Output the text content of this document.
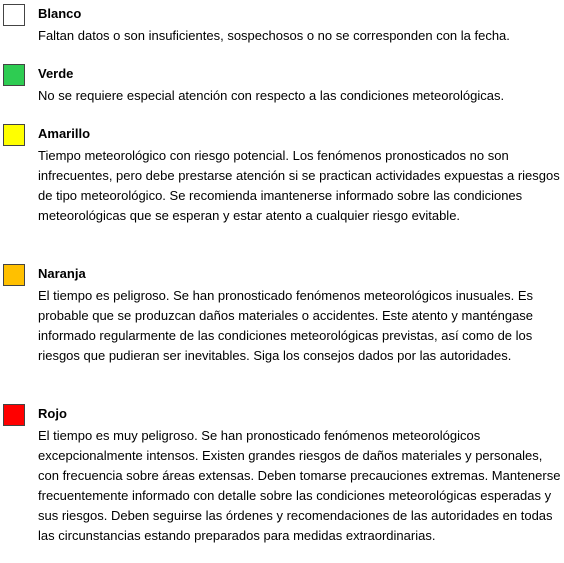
Blanco
Faltan datos o son insuficientes, sospechosos o no se corresponden con la fecha.
Verde
No se requiere especial atención con respecto a las condiciones meteorológicas.
Amarillo
Tiempo meteorológico con riesgo potencial. Los fenómenos pronosticados no son infrecuentes, pero debe prestarse atención si se practican actividades expuestas a riesgos de tipo meteorológico. Se recomienda imantenerse informado sobre las condiciones meteorológicas que se esperan y estar atento a cualquier riesgo evitable.
Naranja
El tiempo es peligroso. Se han pronosticado fenómenos meteorológicos inusuales. Es probable que se produzcan daños materiales o accidentes. Este atento y manténgase informado regularmente de las condiciones meteorológicas previstas, así como de los riesgos que pudieran ser inevitables. Siga los consejos dados por las autoridades.
Rojo
El tiempo es muy peligroso. Se han pronosticado fenómenos meteorológicos excepcionalmente intensos. Existen grandes riesgos de daños materiales y personales, con frecuencia sobre áreas extensas. Deben tomarse precauciones extremas. Mantenerse frecuentemente informado con detalle sobre las condiciones meteorológicas esperadas y sus riesgos. Deben seguirse las órdenes y recomendaciones de las autoridades en todas las circunstancias estando preparados para medidas extraordinarias.
